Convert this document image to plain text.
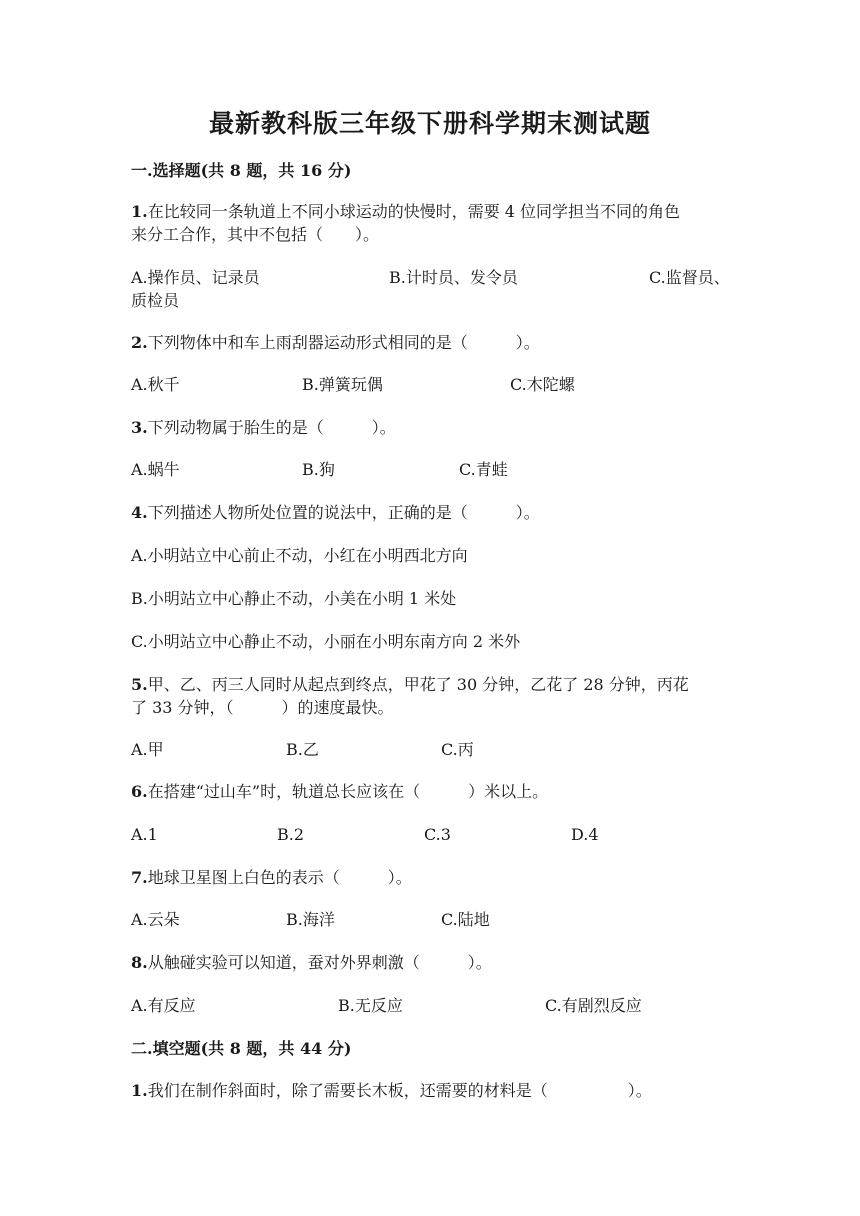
最新教科版三年级下册科学期末测试题
一.选择题(共 8 题，共 16 分)
1.在比较同一条轨道上不同小球运动的快慢时，需要 4 位同学担当不同的角色
来分工合作，其中不包括（　　）。
A.操作员、记录员	B.计时员、发令员	C.监督员、
质检员
2.下列物体中和车上雨刮器运动形式相同的是（　　　）。
A.秋千	B.弹簧玩偶	C.木陀螺
3.下列动物属于胎生的是（　　　）。
A.蜗牛	B.狗	C.青蛙
4.下列描述人物所处位置的说法中，正确的是（　　　）。
A.小明站立中心前止不动，小红在小明西北方向
B.小明站立中心静止不动，小美在小明 1 米处
C.小明站立中心静止不动，小丽在小明东南方向 2 米外
5.甲、乙、丙三人同时从起点到终点，甲花了 30 分钟，乙花了 28 分钟，丙花
了 33 分钟，（　　　）的速度最快。
A.甲	B.乙	C.丙
6.在搭建“过山车”时，轨道总长应该在（　　　）米以上。
A.1	B.2	C.3	D.4
7.地球卫星图上白色的表示（　　　）。
A.云朵	B.海洋	C.陆地
8.从触碰实验可以知道，蚕对外界刺激（　　　）。
A.有反应	B.无反应	C.有剧烈反应
二.填空题(共 8 题，共 44 分)
1.我们在制作斜面时，除了需要长木板，还需要的材料是（　　　　　）。
